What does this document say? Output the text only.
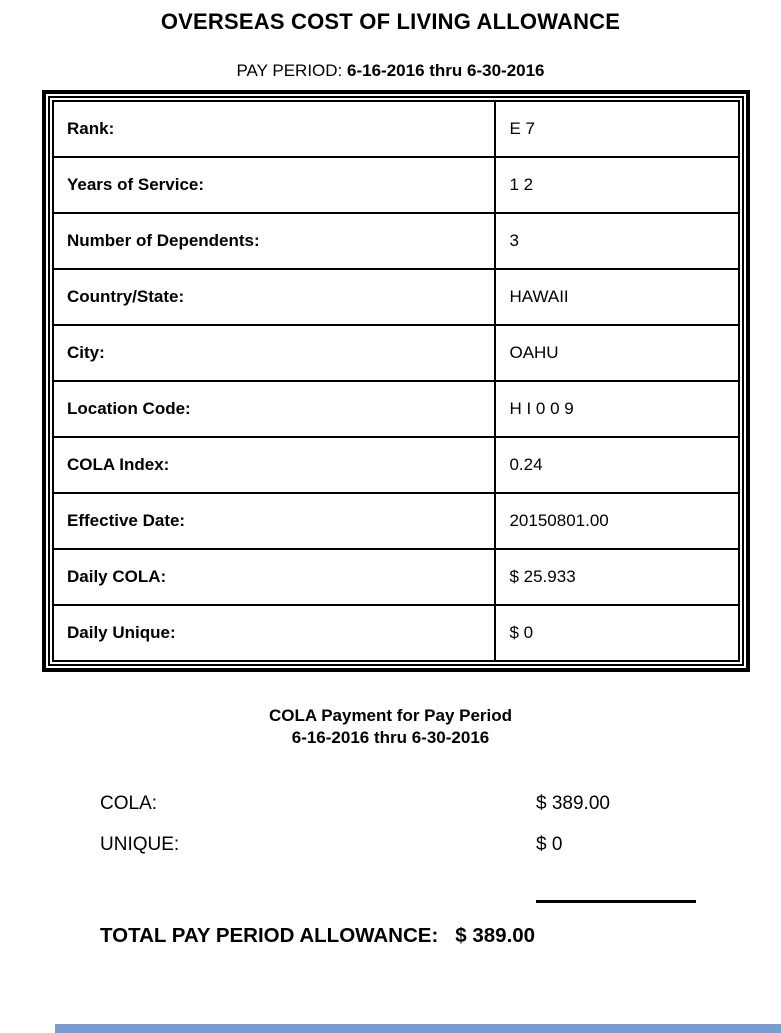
OVERSEAS COST OF LIVING ALLOWANCE
PAY PERIOD: 6-16-2016 thru 6-30-2016
Rank:	E 7
Years of Service:	1 2
Number of Dependents:	3
Country/State:	HAWAII
City:	OAHU
Location Code:	H I 0 0 9
COLA Index:	0.24
Effective Date:	20150801.00
Daily COLA:	$ 25.933
Daily Unique:	$ 0
COLA Payment for Pay Period
6-16-2016 thru 6-30-2016
COLA:	$ 389.00
UNIQUE:	$ 0
TOTAL PAY PERIOD ALLOWANCE: $ 389.00
